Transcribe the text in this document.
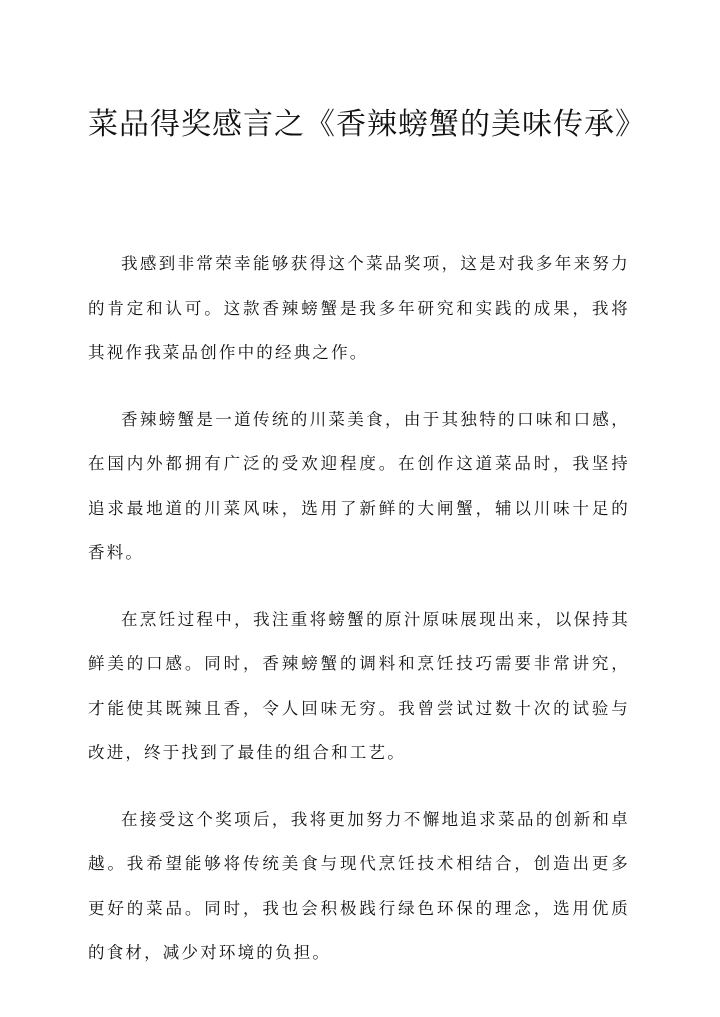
菜品得奖感言之《香辣螃蟹的美味传承》

我感到非常荣幸能够获得这个菜品奖项，这是对我多年来努力的肯定和认可。这款香辣螃蟹是我多年研究和实践的成果，我将其视作我菜品创作中的经典之作。

香辣螃蟹是一道传统的川菜美食，由于其独特的口味和口感，在国内外都拥有广泛的受欢迎程度。在创作这道菜品时，我坚持追求最地道的川菜风味，选用了新鲜的大闸蟹，辅以川味十足的香料。

在烹饪过程中，我注重将螃蟹的原汁原味展现出来，以保持其鲜美的口感。同时，香辣螃蟹的调料和烹饪技巧需要非常讲究，才能使其既辣且香，令人回味无穷。我曾尝试过数十次的试验与改进，终于找到了最佳的组合和工艺。

在接受这个奖项后，我将更加努力不懈地追求菜品的创新和卓越。我希望能够将传统美食与现代烹饪技术相结合，创造出更多更好的菜品。同时，我也会积极践行绿色环保的理念，选用优质的食材，减少对环境的负担。
